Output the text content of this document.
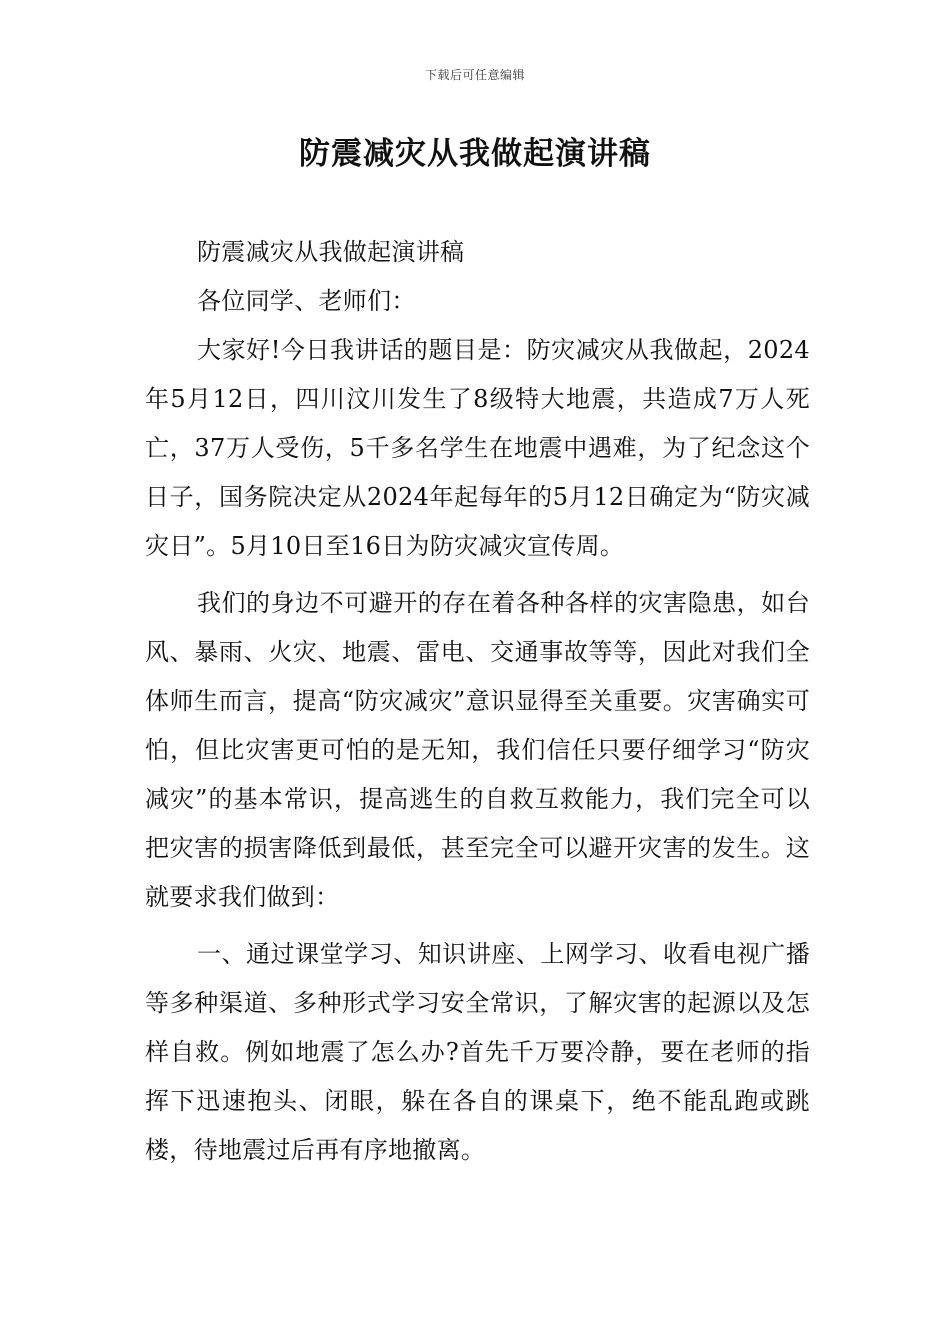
下载后可任意编辑
防震减灾从我做起演讲稿

防震减灾从我做起演讲稿

各位同学、老师们：

大家好!今日我讲话的题目是：防灾减灾从我做起，2024年5月12日，四川汶川发生了8级特大地震，共造成7万人死亡，37万人受伤，5千多名学生在地震中遇难，为了纪念这个日子，国务院决定从2024年起每年的5月12日确定为“防灾减灾日”。5月10日至16日为防灾减灾宣传周。

我们的身边不可避开的存在着各种各样的灾害隐患，如台风、暴雨、火灾、地震、雷电、交通事故等等，因此对我们全体师生而言，提高“防灾减灾”意识显得至关重要。灾害确实可怕，但比灾害更可怕的是无知，我们信任只要仔细学习“防灾减灾”的基本常识，提高逃生的自救互救能力，我们完全可以把灾害的损害降低到最低，甚至完全可以避开灾害的发生。这就要求我们做到：

一、通过课堂学习、知识讲座、上网学习、收看电视广播等多种渠道、多种形式学习安全常识，了解灾害的起源以及怎样自救。例如地震了怎么办?首先千万要冷静，要在老师的指挥下迅速抱头、闭眼，躲在各自的课桌下，绝不能乱跑或跳楼，待地震过后再有序地撤离。
